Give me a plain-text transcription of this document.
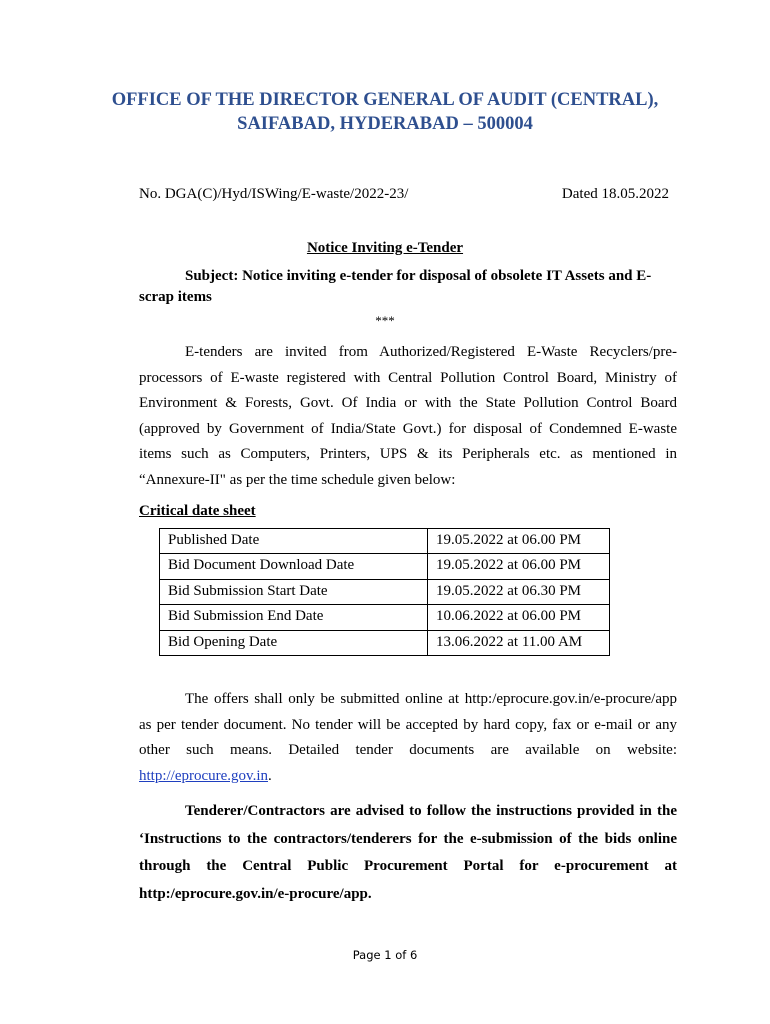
OFFICE OF THE DIRECTOR GENERAL OF AUDIT (CENTRAL),
SAIFABAD, HYDERABAD – 500004
No. DGA(C)/Hyd/ISWing/E-waste/2022-23/	Dated 18.05.2022
Notice Inviting e-Tender

Subject: Notice inviting e-tender for disposal of obsolete IT Assets and E-scrap items

***

E-tenders are invited from Authorized/Registered E-Waste Recyclers/pre-processors of E-waste registered with Central Pollution Control Board, Ministry of Environment & Forests, Govt. Of India or with the State Pollution Control Board (approved by Government of India/State Govt.) for disposal of Condemned E-waste items such as Computers, Printers, UPS & its Peripherals etc. as mentioned in “Annexure-II" as per the time schedule given below:

Critical date sheet
Published Date	19.05.2022 at 06.00 PM
Bid Document Download Date	19.05.2022 at 06.00 PM
Bid Submission Start Date	19.05.2022 at 06.30 PM
Bid Submission End Date	10.06.2022 at 06.00 PM
Bid Opening Date	13.06.2022 at 11.00 AM

The offers shall only be submitted online at http:/eprocure.gov.in/e-procure/app as per tender document. No tender will be accepted by hard copy, fax or e-mail or any other such means. Detailed tender documents are available on website: http://eprocure.gov.in.

Tenderer/Contractors are advised to follow the instructions provided in the ‘Instructions to the contractors/tenderers for the e-submission of the bids online through the Central Public Procurement Portal for e-procurement at http:/eprocure.gov.in/e-procure/app.

Page 1 of 6
